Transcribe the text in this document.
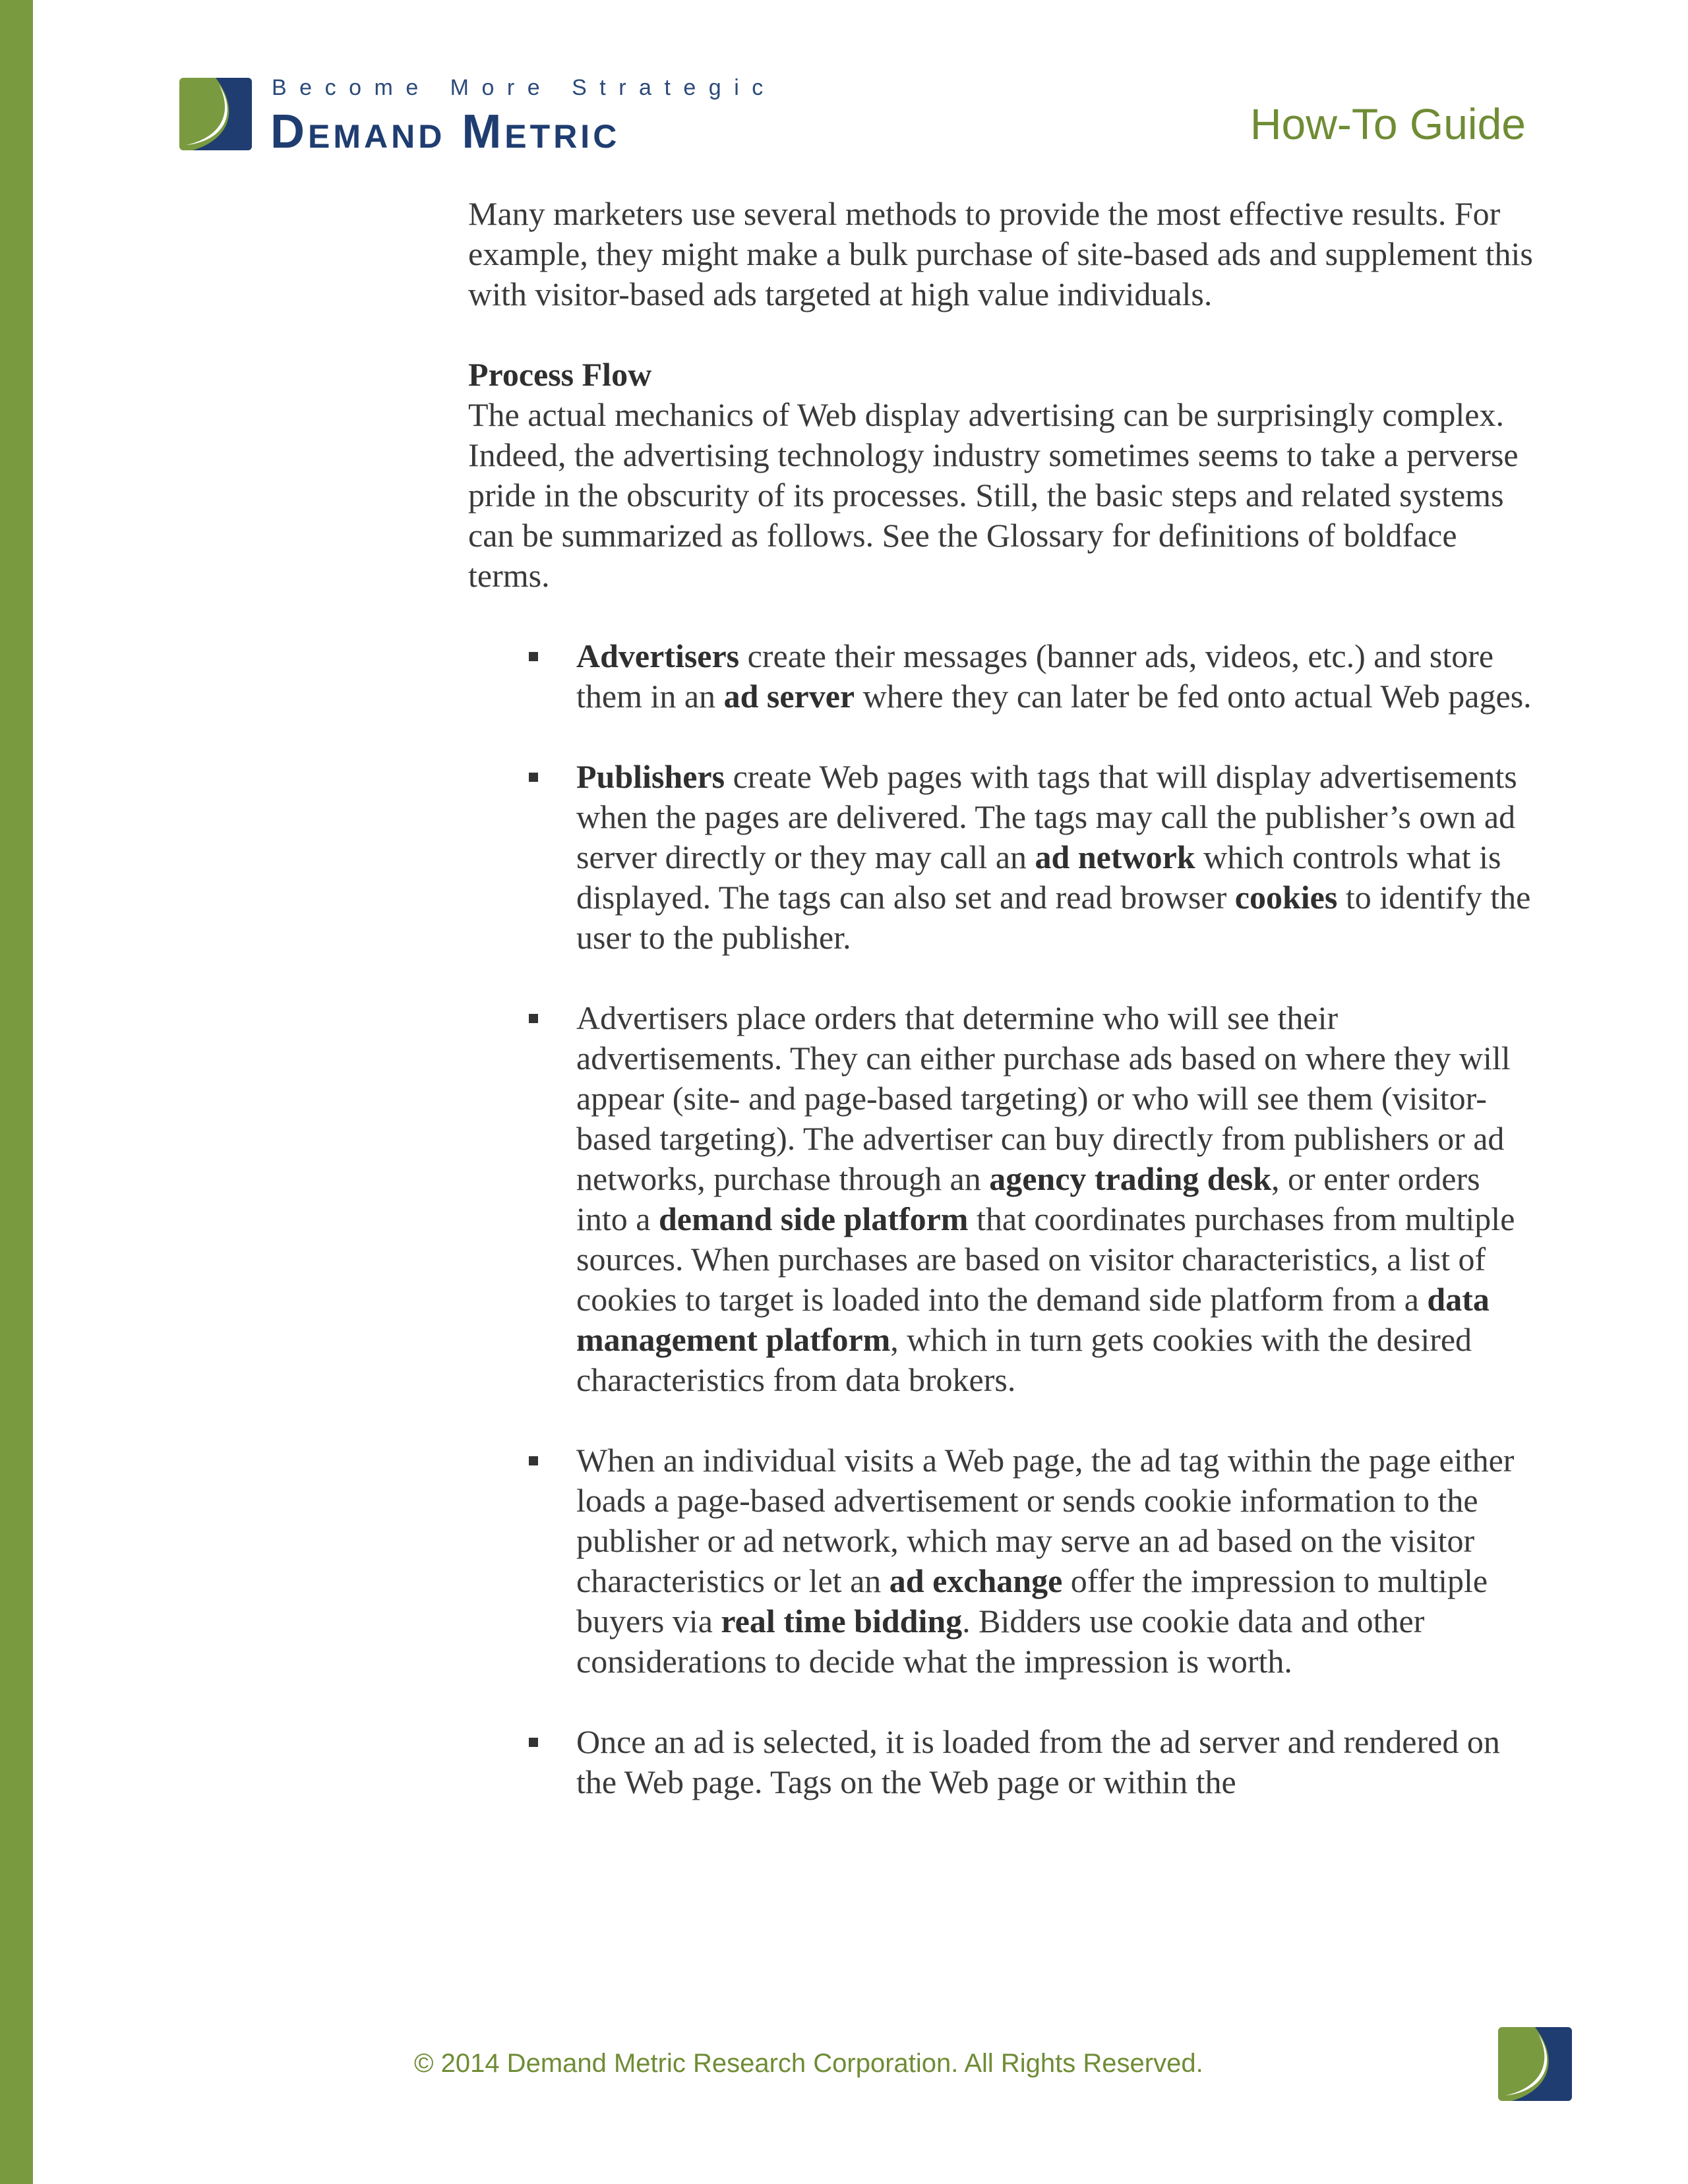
Become More Strategic
Demand Metric	How-To Guide

Many marketers use several methods to provide the most effective results. For example, they might make a bulk purchase of site-based ads and supplement this with visitor-based ads targeted at high value individuals.

Process Flow

The actual mechanics of Web display advertising can be surprisingly complex. Indeed, the advertising technology industry sometimes seems to take a perverse pride in the obscurity of its processes. Still, the basic steps and related systems can be summarized as follows. See the Glossary for definitions of boldface terms.

Advertisers create their messages (banner ads, videos, etc.) and store them in an ad server where they can later be fed onto actual Web pages.
Publishers create Web pages with tags that will display advertisements when the pages are delivered. The tags may call the publisher’s own ad server directly or they may call an ad network which controls what is displayed. The tags can also set and read browser cookies to identify the user to the publisher.
Advertisers place orders that determine who will see their advertisements. They can either purchase ads based on where they will appear (site- and page-based targeting) or who will see them (visitor-based targeting). The advertiser can buy directly from publishers or ad networks, purchase through an agency trading desk, or enter orders into a demand side platform that coordinates purchases from multiple sources. When purchases are based on visitor characteristics, a list of cookies to target is loaded into the demand side platform from a data management platform, which in turn gets cookies with the desired characteristics from data brokers.
When an individual visits a Web page, the ad tag within the page either loads a page-based advertisement or sends cookie information to the publisher or ad network, which may serve an ad based on the visitor characteristics or let an ad exchange offer the impression to multiple buyers via real time bidding. Bidders use cookie data and other considerations to decide what the impression is worth.
Once an ad is selected, it is loaded from the ad server and rendered on the Web page. Tags on the Web page or within the
© 2014 Demand Metric Research Corporation. All Rights Reserved.
